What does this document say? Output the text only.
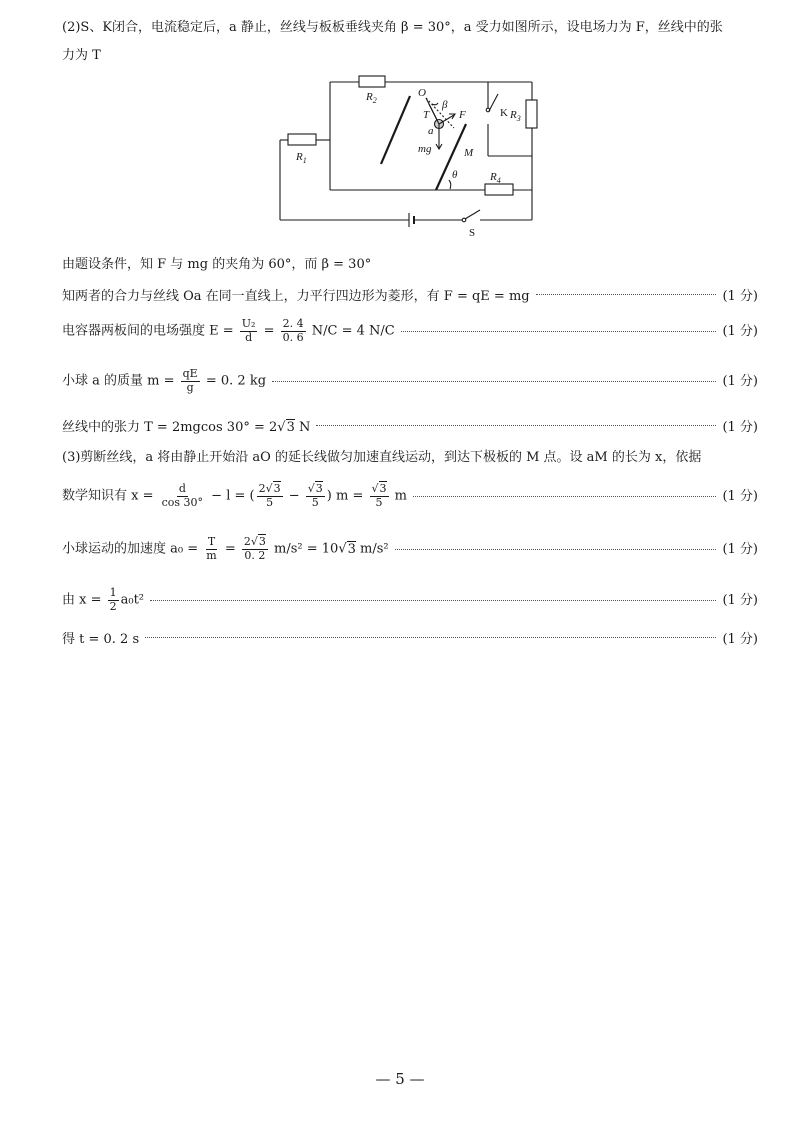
(2)S、K闭合，电流稳定后，a 静止，丝线与板板垂线夹角 β = 30°，a 受力如图所示，设电场力为 F，丝线中的张
力为 T
$R_2$
$R_1$
$R_4$
$R_3$
K
S
O
T
β
a
F
mg	M
θ
由题设条件，知 F 与 mg 的夹角为 60°，而 β = 30°
知两者的合力与丝线 Oa 在同一直线上，力平行四边形为菱形，有 F = qE = mg	(1 分)
电容器两板间的电场强度 $E = \frac{\text{U₂}}{d} = \frac{2. 4}{0. 6} N/C = 4$ N/C	(1 分)
小球 a 的质量 $m = \frac{qE}{g} = 0$. 2 kg	(1 分)
丝线中的张力 T = 2mgcos 30° = 2√3 N	(1 分)
(3)剪断丝线，a 将由静止开始沿 aO 的延长线做匀加速直线运动，到达下极板的 M 点。设 aM 的长为 x，依据
数学知识有 $x = \frac{d}{\cos 30^\circ} - l$ = ( $\frac{2√3}{5} - \frac{√3}{5}$ ) $m = \frac{√3}{5}$ m	(1 分)
小球运动的加速度 $a_0 = \frac{T}{m} = \frac{2√3}{0. 2} m/s^2 = 10√3$ m/s²	(1 分)
由 $x = \frac{1}{2} a_0t^2$	(1 分)
得 t = 0. 2 s	(1 分)
— 5 —
